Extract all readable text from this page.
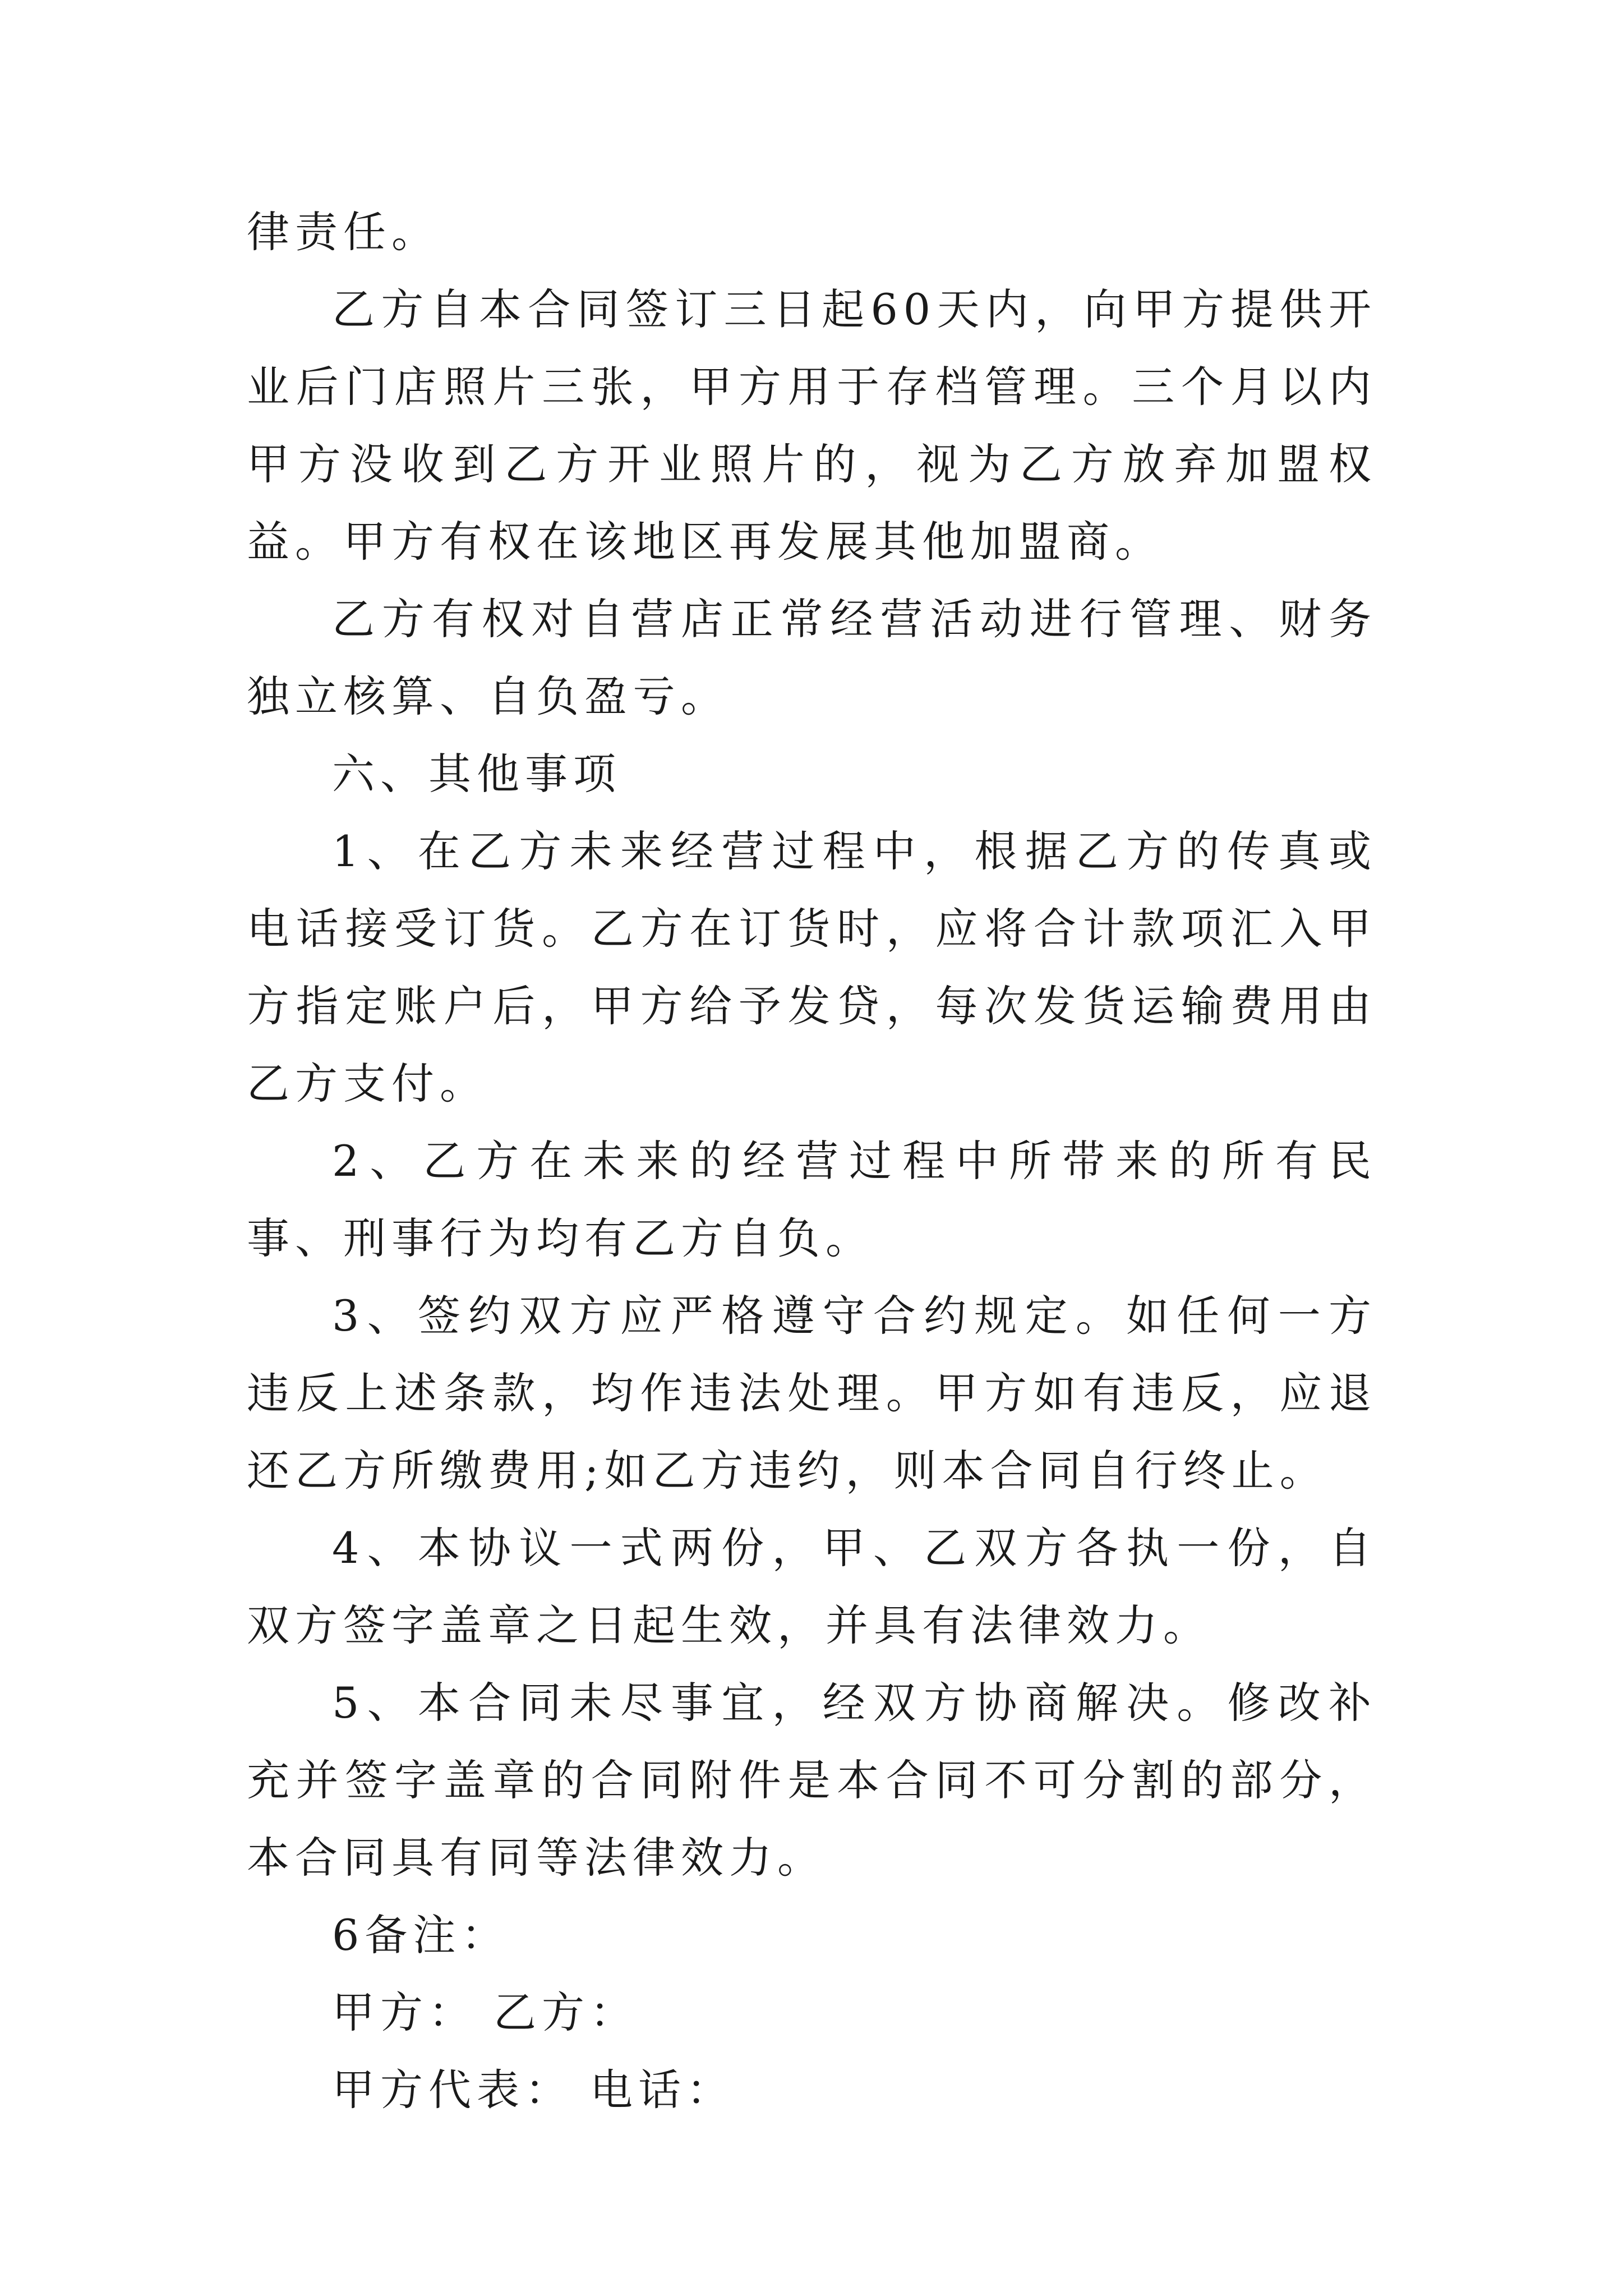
律责任。

乙方自本合同签订三日起60天内，向甲方提供开业后门店照片三张，甲方用于存档管理。三个月以内甲方没收到乙方开业照片的，视为乙方放弃加盟权益。甲方有权在该地区再发展其他加盟商。

乙方有权对自营店正常经营活动进行管理、财务独立核算、自负盈亏。

六、其他事项

1、在乙方未来经营过程中，根据乙方的传真或电话接受订货。乙方在订货时，应将合计款项汇入甲方指定账户后，甲方给予发贷，每次发货运输费用由乙方支付。

2、乙方在未来的经营过程中所带来的所有民事、刑事行为均有乙方自负。

3、签约双方应严格遵守合约规定。如任何一方违反上述条款，均作违法处理。甲方如有违反，应退还乙方所缴费用;如乙方违约，则本合同自行终止。

4、本协议一式两份，甲、乙双方各执一份，自双方签字盖章之日起生效，并具有法律效力。

5、本合同未尽事宜，经双方协商解决。修改补充并签字盖章的合同附件是本合同不可分割的部分，本合同具有同等法律效力。

6备注：

甲方： 乙方：

甲方代表： 电话：
